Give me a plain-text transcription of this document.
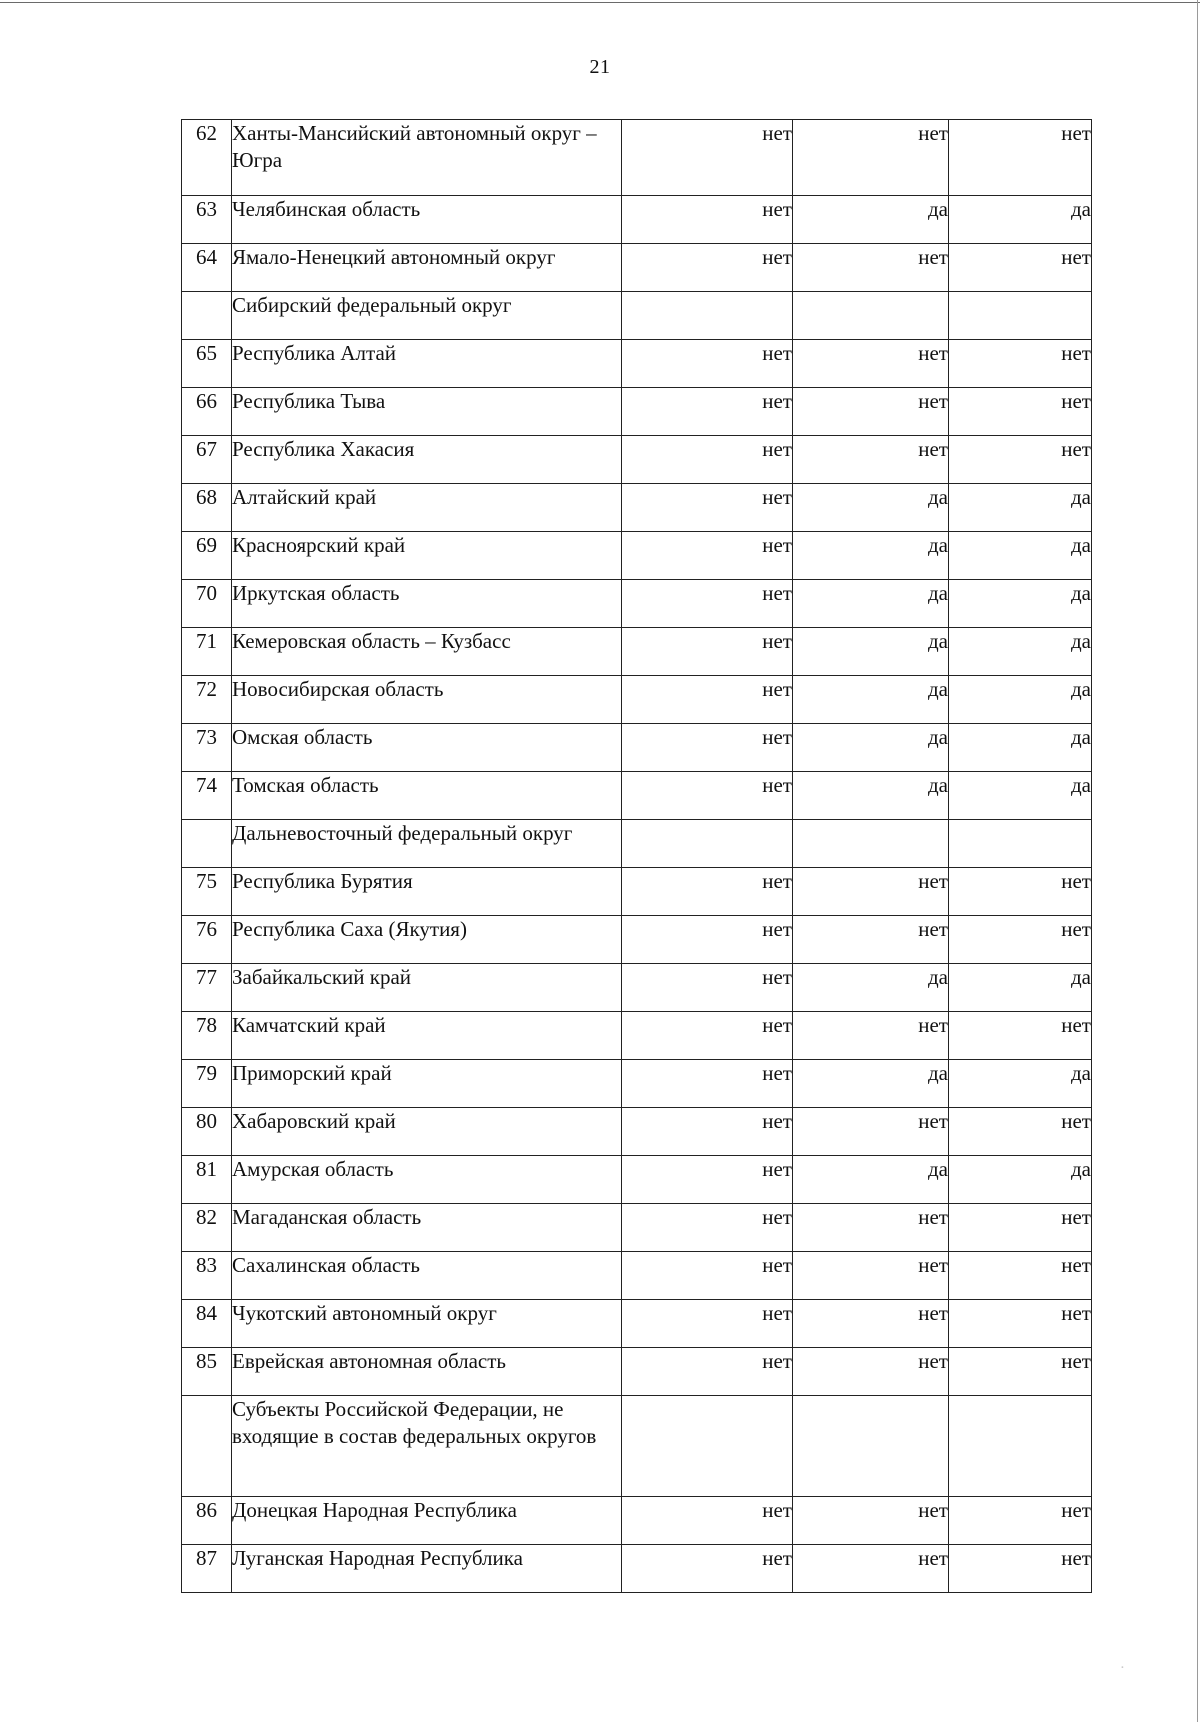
21
62	Ханты-Мансийский автономный округ – Югра	нет	нет	нет
63	Челябинская область	нет	да	да
64	Ямало-Ненецкий автономный округ	нет	нет	нет
	Сибирский федеральный округ			
65	Республика Алтай	нет	нет	нет
66	Республика Тыва	нет	нет	нет
67	Республика Хакасия	нет	нет	нет
68	Алтайский край	нет	да	да
69	Красноярский край	нет	да	да
70	Иркутская область	нет	да	да
71	Кемеровская область – Кузбасс	нет	да	да
72	Новосибирская область	нет	да	да
73	Омская область	нет	да	да
74	Томская область	нет	да	да
	Дальневосточный федеральный округ			
75	Республика Бурятия	нет	нет	нет
76	Республика Саха (Якутия)	нет	нет	нет
77	Забайкальский край	нет	да	да
78	Камчатский край	нет	нет	нет
79	Приморский край	нет	да	да
80	Хабаровский край	нет	нет	нет
81	Амурская область	нет	да	да
82	Магаданская область	нет	нет	нет
83	Сахалинская область	нет	нет	нет
84	Чукотский автономный округ	нет	нет	нет
85	Еврейская автономная область	нет	нет	нет
	Субъекты Российской Федерации, не входящие в состав федеральных округов			
86	Донецкая Народная Республика	нет	нет	нет
87	Луганская Народная Республика	нет	нет	нет
⋅
